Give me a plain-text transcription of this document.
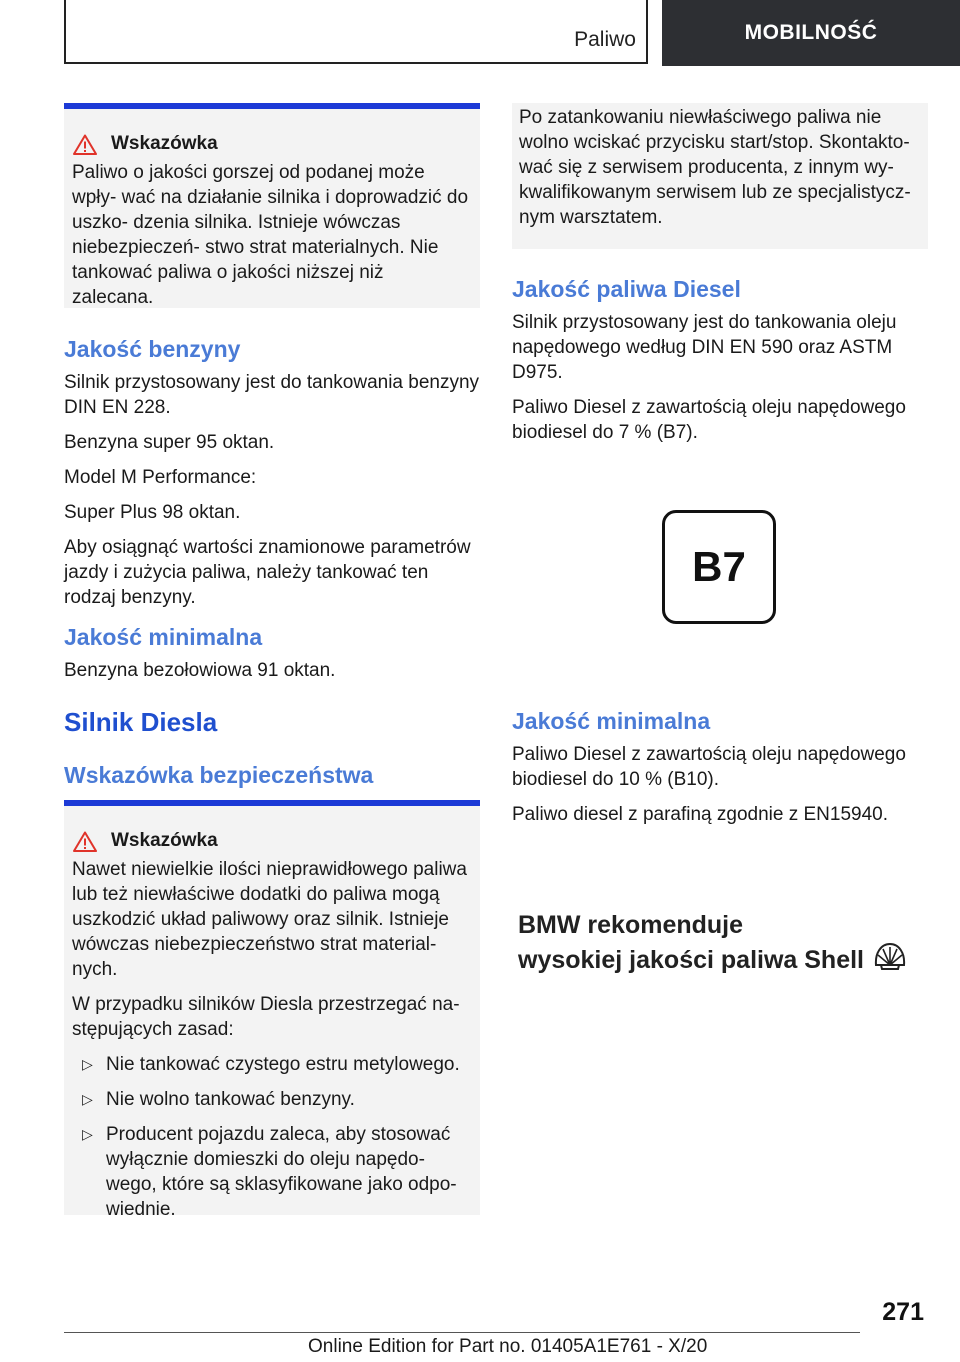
Paliwo	MOBILNOŚĆ
Wskazówka
Paliwo o jakości gorszej od podanej może wpły- wać na działanie silnika i doprowadzić do uszko- dzenia silnika. Istnieje wówczas niebezpieczeń- stwo strat materialnych. Nie tankować paliwa o jakości niższej niż zalecana.
Jakość benzyny

Silnik przystosowany jest do tankowania benzyny DIN EN 228.

Benzyna super 95 oktan.

Model M Performance:

Super Plus 98 oktan.

Aby osiągnąć wartości znamionowe parametrów jazdy i zużycia paliwa, należy tankować ten rodzaj benzyny.

Jakość minimalna
Benzyna bezołowiowa 91 oktan.
Silnik Diesla
Wskazówka bezpieczeństwa
Wskazówka
Nawet niewielkie ilości nieprawidłowego paliwa lub też niewłaściwe dodatki do paliwa mogą uszkodzić układ paliwowy oraz silnik. Istnieje wówczas niebezpieczeństwo strat material- nych.
W przypadku silników Diesla przestrzegać na- stępujących zasad:
▷ Nie tankować czystego estru metylowego.
▷ Nie wolno tankować benzyny.
▷ Producent pojazdu zaleca, aby stosować wyłącznie domieszki do oleju napędo- wego, które są sklasyfikowane jako odpo- wiednie.
Po zatankowaniu niewłaściwego paliwa nie wolno wciskać przycisku start/stop. Skontakto- wać się z serwisem producenta, z innym wy- kwalifikowanym serwisem lub ze specjalistycz- nym warsztatem.
Jakość paliwa Diesel

Silnik przystosowany jest do tankowania oleju napędowego według DIN EN 590 oraz ASTM D975.

Paliwo Diesel z zawartością oleju napędowego biodiesel do 7 % (B7).

B7
Jakość minimalna

Paliwo Diesel z zawartością oleju napędowego biodiesel do 10 % (B10).

Paliwo diesel z parafiną zgodnie z EN15940.

BMW rekomenduje
wysokiej jakości paliwa Shell
271
Online Edition for Part no. 01405A1E761 - X/20
